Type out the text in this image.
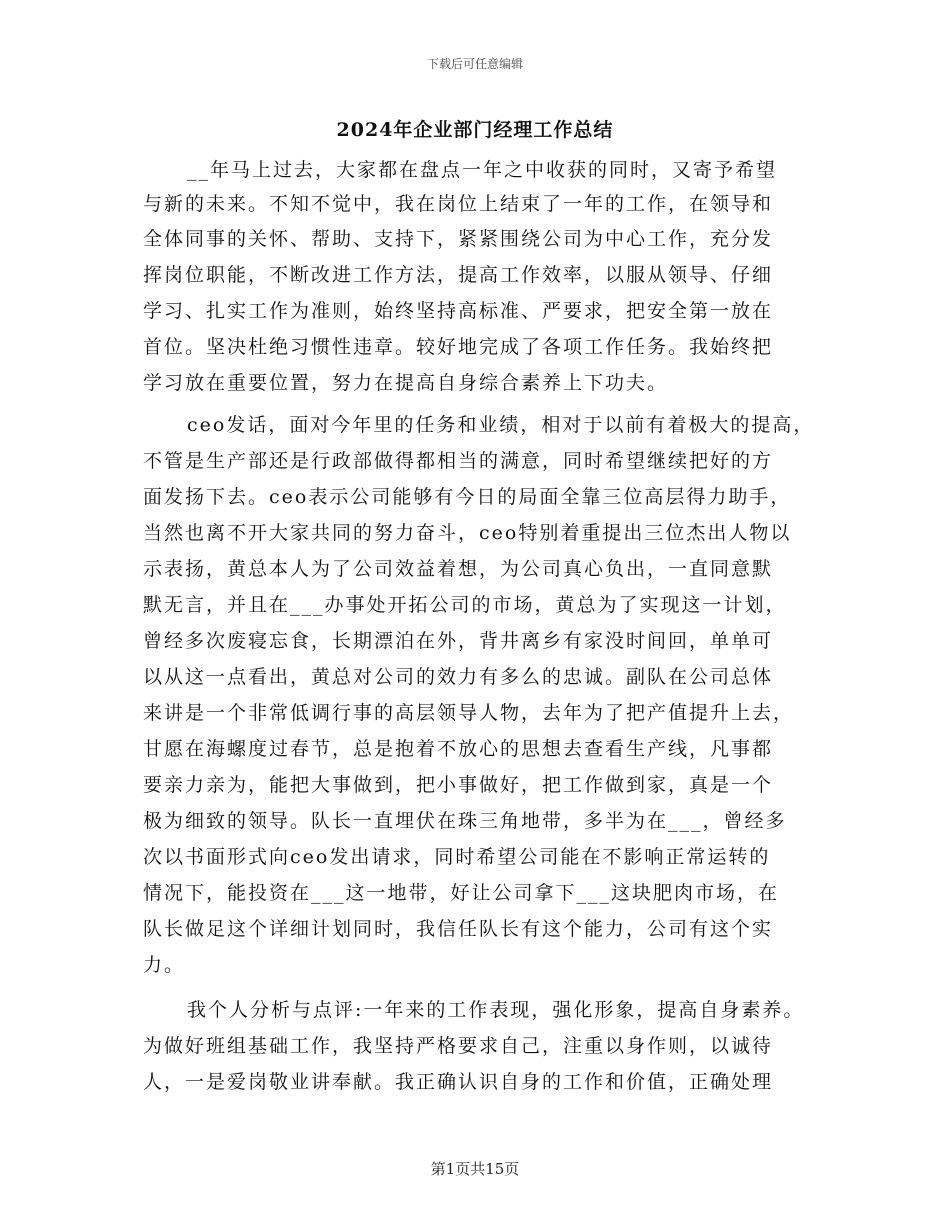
下载后可任意编辑
2024年企业部门经理工作总结
__年马上过去，大家都在盘点一年之中收获的同时，又寄予希望
与新的未来。不知不觉中，我在岗位上结束了一年的工作，在领导和
全体同事的关怀、帮助、支持下，紧紧围绕公司为中心工作，充分发
挥岗位职能，不断改进工作方法，提高工作效率，以服从领导、仔细
学习、扎实工作为准则，始终坚持高标准、严要求，把安全第一放在
首位。坚决杜绝习惯性违章。较好地完成了各项工作任务。我始终把
学习放在重要位置，努力在提高自身综合素养上下功夫。
ceo发话，面对今年里的任务和业绩，相对于以前有着极大的提高，
不管是生产部还是行政部做得都相当的满意，同时希望继续把好的方
面发扬下去。ceo表示公司能够有今日的局面全靠三位高层得力助手，
当然也离不开大家共同的努力奋斗，ceo特别着重提出三位杰出人物以
示表扬，黄总本人为了公司效益着想，为公司真心负出，一直同意默
默无言，并且在___办事处开拓公司的市场，黄总为了实现这一计划，
曾经多次废寝忘食，长期漂泊在外，背井离乡有家没时间回，单单可
以从这一点看出，黄总对公司的效力有多么的忠诚。副队在公司总体
来讲是一个非常低调行事的高层领导人物，去年为了把产值提升上去，
甘愿在海螺度过春节，总是抱着不放心的思想去查看生产线，凡事都
要亲力亲为，能把大事做到，把小事做好，把工作做到家，真是一个
极为细致的领导。队长一直埋伏在珠三角地带，多半为在___，曾经多
次以书面形式向ceo发出请求，同时希望公司能在不影响正常运转的
情况下，能投资在___这一地带，好让公司拿下___这块肥肉市场，在
队长做足这个详细计划同时，我信任队长有这个能力，公司有这个实
力。
我个人分析与点评:一年来的工作表现，强化形象，提高自身素养。
为做好班组基础工作，我坚持严格要求自己，注重以身作则，以诚待
人，一是爱岗敬业讲奉献。我正确认识自身的工作和价值，正确处理
第1页共15页
